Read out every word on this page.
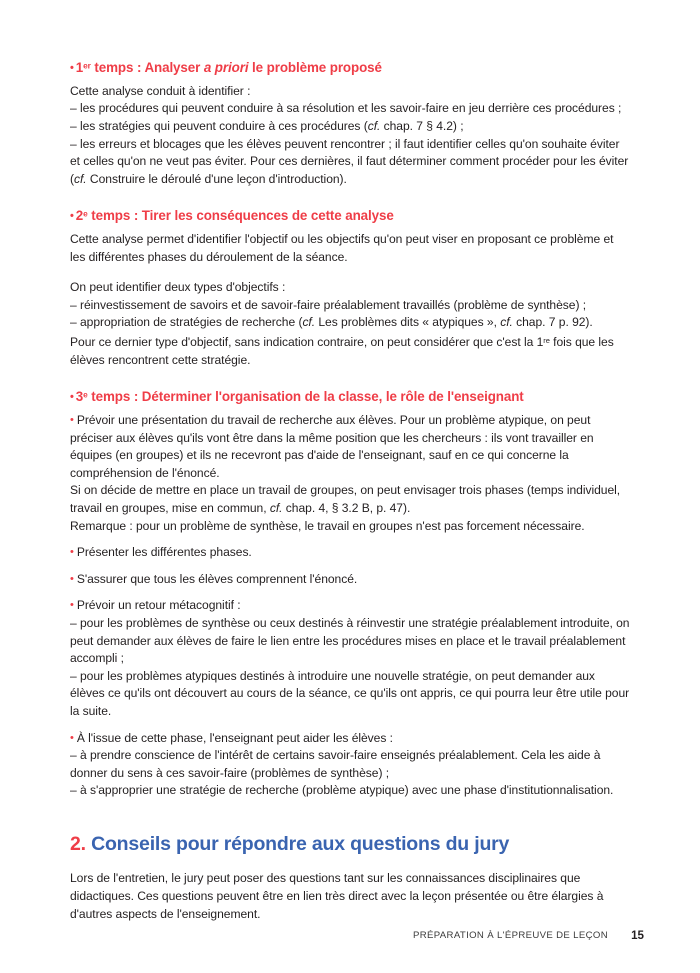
• 1er temps : Analyser a priori le problème proposé

Cette analyse conduit à identifier :

– les procédures qui peuvent conduire à sa résolution et les savoir-faire en jeu derrière ces procédures ;

– les stratégies qui peuvent conduire à ces procédures (cf. chap. 7 § 4.2) ;

– les erreurs et blocages que les élèves peuvent rencontrer ; il faut identifier celles qu'on souhaite éviter et celles qu'on ne veut pas éviter. Pour ces dernières, il faut déterminer comment procéder pour les éviter (cf. Construire le déroulé d'une leçon d'introduction).

• 2e temps : Tirer les conséquences de cette analyse

Cette analyse permet d'identifier l'objectif ou les objectifs qu'on peut viser en proposant ce problème et les différentes phases du déroulement de la séance.

On peut identifier deux types d'objectifs :

– réinvestissement de savoirs et de savoir-faire préalablement travaillés (problème de synthèse) ;

– appropriation de stratégies de recherche (cf. Les problèmes dits « atypiques », cf. chap. 7 p. 92).

Pour ce dernier type d'objectif, sans indication contraire, on peut considérer que c'est la 1re fois que les élèves rencontrent cette stratégie.

• 3e temps : Déterminer l'organisation de la classe, le rôle de l'enseignant

• Prévoir une présentation du travail de recherche aux élèves. Pour un problème atypique, on peut préciser aux élèves qu'ils vont être dans la même position que les chercheurs : ils vont travailler en équipes (en groupes) et ils ne recevront pas d'aide de l'enseignant, sauf en ce qui concerne la compréhension de l'énoncé.

Si on décide de mettre en place un travail de groupes, on peut envisager trois phases (temps individuel, travail en groupes, mise en commun, cf. chap. 4, § 3.2 B, p. 47).

Remarque : pour un problème de synthèse, le travail en groupes n'est pas forcement nécessaire.

• Présenter les différentes phases.

• S'assurer que tous les élèves comprennent l'énoncé.

• Prévoir un retour métacognitif :

– pour les problèmes de synthèse ou ceux destinés à réinvestir une stratégie préalablement introduite, on peut demander aux élèves de faire le lien entre les procédures mises en place et le travail préalablement accompli ;

– pour les problèmes atypiques destinés à introduire une nouvelle stratégie, on peut demander aux élèves ce qu'ils ont découvert au cours de la séance, ce qu'ils ont appris, ce qui pourra leur être utile pour la suite.

• À l'issue de cette phase, l'enseignant peut aider les élèves :

– à prendre conscience de l'intérêt de certains savoir-faire enseignés préalablement. Cela les aide à donner du sens à ces savoir-faire (problèmes de synthèse) ;

– à s'approprier une stratégie de recherche (problème atypique) avec une phase d'institutionnalisation.

2. Conseils pour répondre aux questions du jury

Lors de l'entretien, le jury peut poser des questions tant sur les connaissances disciplinaires que didactiques. Ces questions peuvent être en lien très direct avec la leçon présentée ou être élargies à d'autres aspects de l'enseignement.

PRÉPARATION À L'ÉPREUVE DE LEÇON 15
